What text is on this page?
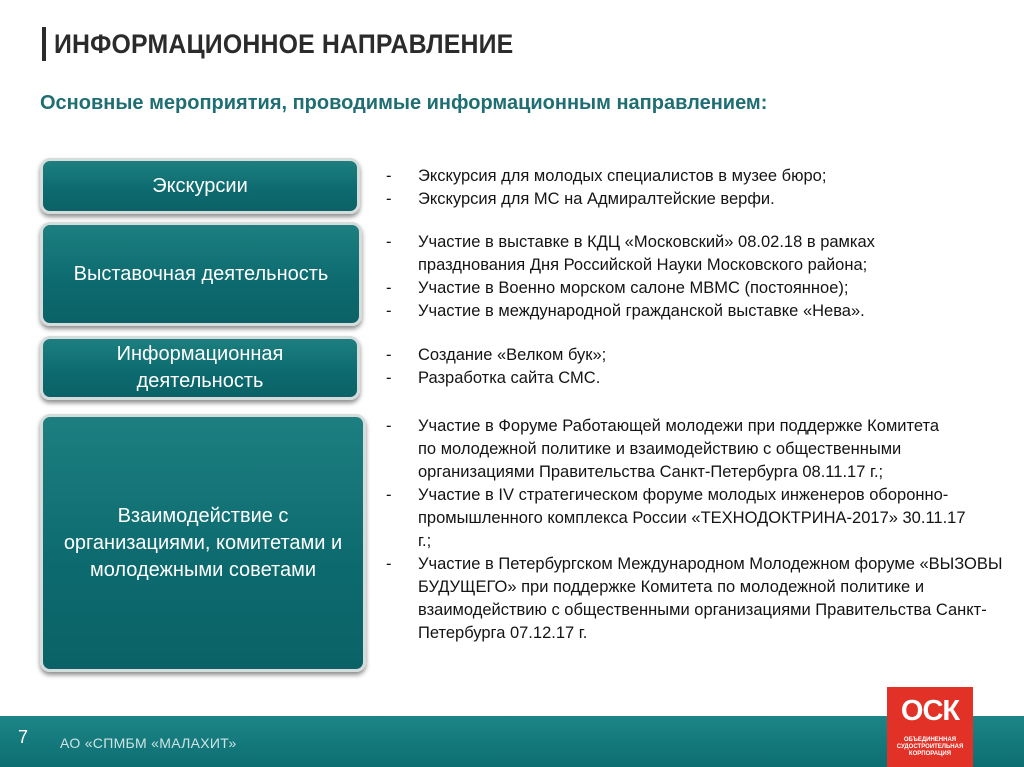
ИНФОРМАЦИОННОЕ НАПРАВЛЕНИЕ
Основные мероприятия, проводимые информационным направлением:
Экскурсии
Выставочная деятельность
Информационная деятельность
Взаимодействие с организациями, комитетами и молодежными советами
- Экскурсия для молодых специалистов в музее бюро;
- Экскурсия для МС на Адмиралтейские верфи.
- Участие в выставке в КДЦ «Московский» 08.02.18 в рамках празднования Дня Российской Науки Московского района;
- Участие в Военно морском салоне МВМС (постоянное);
- Участие в международной гражданской выставке «Нева».
- Создание «Велком бук»;
- Разработка сайта СМС.
- Участие в Форуме Работающей молодежи при поддержке Комитета по молодежной политике и взаимодействию с общественными организациями Правительства Санкт-Петербурга 08.11.17 г.;
- Участие в IV стратегическом форуме молодых инженеров оборонно-промышленного комплекса России «ТЕХНОДОКТРИНА-2017» 30.11.17 г.;
- Участие в Петербургском Международном Молодежном форуме «ВЫЗОВЫ БУДУЩЕГО» при поддержке Комитета по молодежной политике и взаимодействию с общественными организациями Правительства Санкт-Петербурга 07.12.17 г.
7 АО «СПМБМ «МАЛАХИТ»
ОСК
ОБЪЕДИНЕННАЯ СУДОСТРОИТЕЛЬНАЯ КОРПОРАЦИЯ
